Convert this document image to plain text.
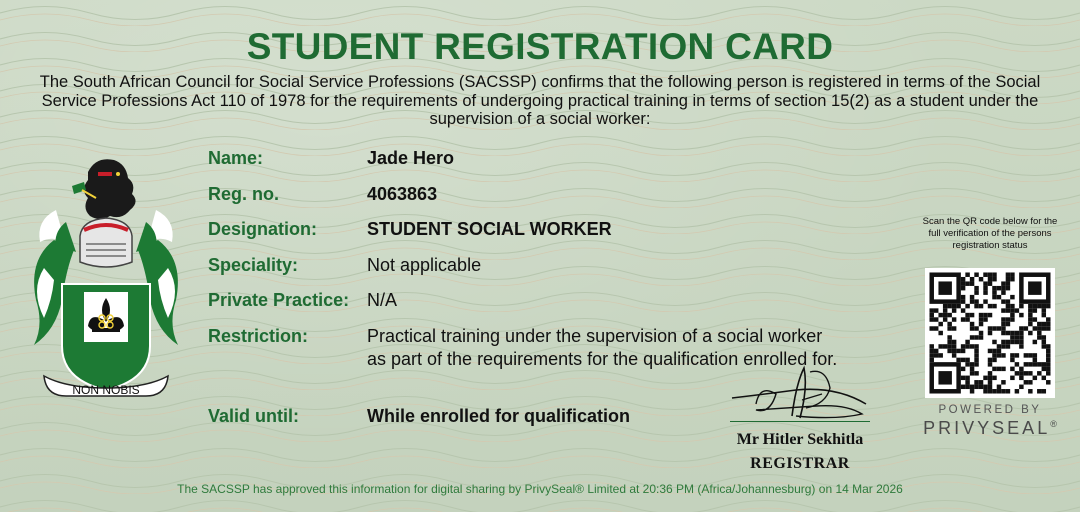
STUDENT REGISTRATION CARD
The South African Council for Social Service Professions (SACSSP) confirms that the following person is registered in terms of the Social Service Professions Act 110 of 1978 for the requirements of undergoing practical training in terms of section 15(2) as a student under the supervision of a social worker:
NON NOBIS
Name:	Jade Hero
Reg. no.	4063863
Designation:	STUDENT SOCIAL WORKER
Speciality:	Not applicable
Private Practice: N/A
Restriction:	Practical training under the supervision of a social worker
as part of the requirements for the qualification enrolled for.
Valid until:	While enrolled for qualification
Mr Hitler Sekhitla
REGISTRAR
Scan the QR code below for the full verification of the persons registration status
POWERED BY
PRIVYSEAL®
The SACSSP has approved this information for digital sharing by PrivySeal® Limited at 20:36 PM (Africa/Johannesburg) on 14 Mar 2026
